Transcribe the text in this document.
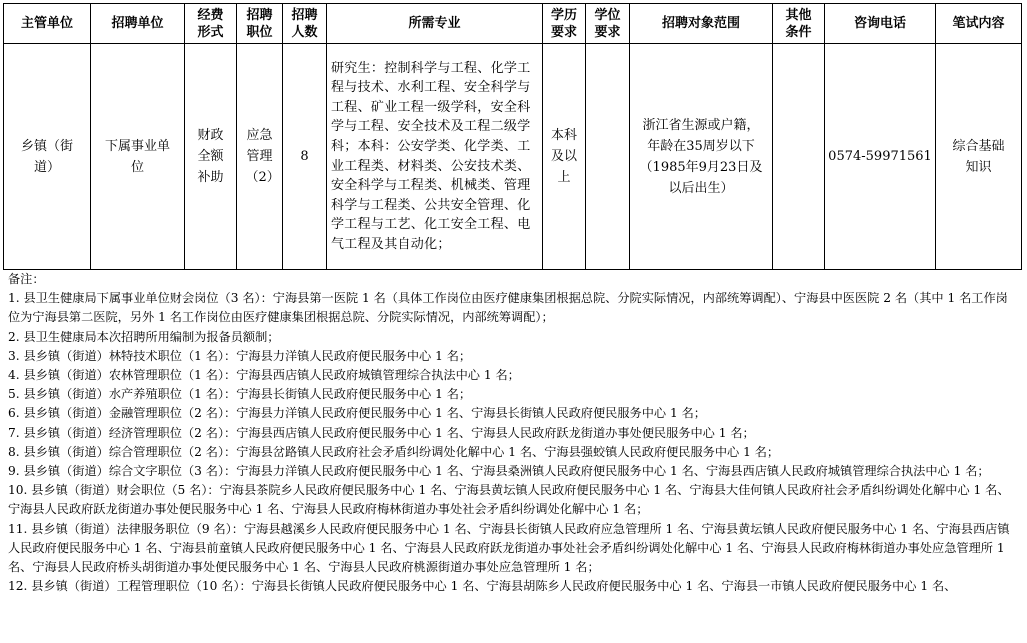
主管单位	招聘单位	经费形式	招聘职位	招聘人数	所需专业	学历要求	学位要求	招聘对象范围	其他条件	咨询电话	笔试内容
乡镇（街道）	下属事业单位	财政全额补助	应急管理（2）	8	研究生：控制科学与工程、化学工程与技术、水利工程、安全科学与工程、矿业工程一级学科，安全科学与工程、安全技术及工程二级学科；本科：公安学类、化学类、工业工程类、材料类、公安技术类、安全科学与工程类、机械类、管理科学与工程类、公共安全管理、化学工程与工艺、化工安全工程、电气工程及其自动化；	本科及以上		浙江省生源或户籍，年龄在35周岁以下（1985年9月23日及以后出生）		0574-59971561	综合基础知识
备注：
1. 县卫生健康局下属事业单位财会岗位（3 名）：宁海县第一医院 1 名（具体工作岗位由医疗健康集团根据总院、分院实际情况，内部统筹调配）、宁海县中医医院 2 名（其中 1 名工作岗位为宁海县第二医院，另外 1 名工作岗位由医疗健康集团根据总院、分院实际情况，内部统筹调配）；
2. 县卫生健康局本次招聘所用编制为报备员额制；
3. 县乡镇（街道）林特技术职位（1 名）：宁海县力洋镇人民政府便民服务中心 1 名；
4. 县乡镇（街道）农林管理职位（1 名）：宁海县西店镇人民政府城镇管理综合执法中心 1 名；
5. 县乡镇（街道）水产养殖职位（1 名）：宁海县长街镇人民政府便民服务中心 1 名；
6. 县乡镇（街道）金融管理职位（2 名）：宁海县力洋镇人民政府便民服务中心 1 名、宁海县长街镇人民政府便民服务中心 1 名；
7. 县乡镇（街道）经济管理职位（2 名）：宁海县西店镇人民政府便民服务中心 1 名、宁海县人民政府跃龙街道办事处便民服务中心 1 名；
8. 县乡镇（街道）综合管理职位（2 名）：宁海县岔路镇人民政府社会矛盾纠纷调处化解中心 1 名、宁海县强蛟镇人民政府便民服务中心 1 名；
9. 县乡镇（街道）综合文字职位（3 名）：宁海县力洋镇人民政府便民服务中心 1 名、宁海县桑洲镇人民政府便民服务中心 1 名、宁海县西店镇人民政府城镇管理综合执法中心 1 名；
10. 县乡镇（街道）财会职位（5 名）：宁海县茶院乡人民政府便民服务中心 1 名、宁海县黄坛镇人民政府便民服务中心 1 名、宁海县大佳何镇人民政府社会矛盾纠纷调处化解中心 1 名、宁海县人民政府跃龙街道办事处便民服务中心 1 名、宁海县人民政府梅林街道办事处社会矛盾纠纷调处化解中心 1 名；
11. 县乡镇（街道）法律服务职位（9 名）：宁海县越溪乡人民政府便民服务中心 1 名、宁海县长街镇人民政府应急管理所 1 名、宁海县黄坛镇人民政府便民服务中心 1 名、宁海县西店镇人民政府便民服务中心 1 名、宁海县前童镇人民政府便民服务中心 1 名、宁海县人民政府跃龙街道办事处社会矛盾纠纷调处化解中心 1 名、宁海县人民政府梅林街道办事处应急管理所 1 名、宁海县人民政府桥头胡街道办事处便民服务中心 1 名、宁海县人民政府桃源街道办事处应急管理所 1 名；
12. 县乡镇（街道）工程管理职位（10 名）：宁海县长街镇人民政府便民服务中心 1 名、宁海县胡陈乡人民政府便民服务中心 1 名、宁海县一市镇人民政府便民服务中心 1 名、
